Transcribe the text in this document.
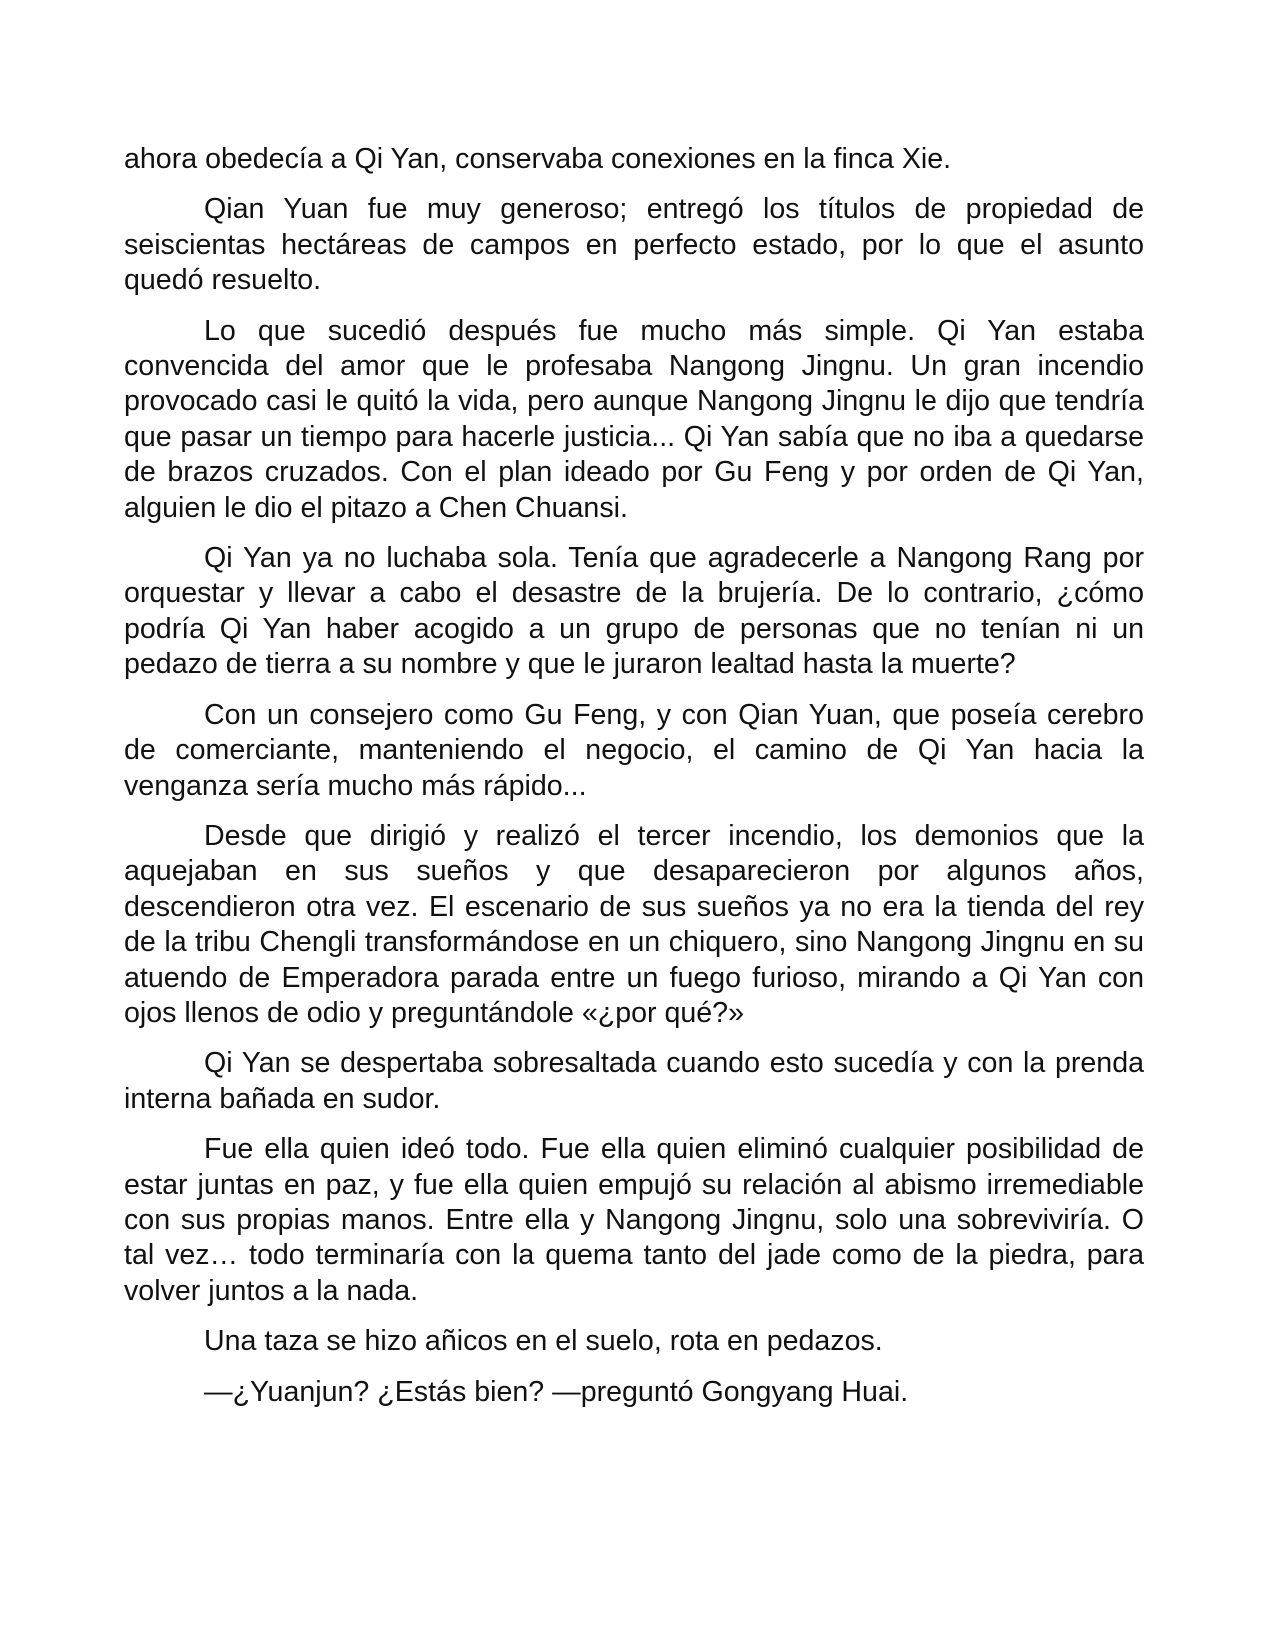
ahora obedecía a Qi Yan, conservaba conexiones en la finca Xie.

Qian Yuan fue muy generoso; entregó los títulos de propiedad de seiscientas hectáreas de campos en perfecto estado, por lo que el asunto quedó resuelto.

Lo que sucedió después fue mucho más simple. Qi Yan estaba convencida del amor que le profesaba Nangong Jingnu. Un gran incendio provocado casi le quitó la vida, pero aunque Nangong Jingnu le dijo que tendría que pasar un tiempo para hacerle justicia... Qi Yan sabía que no iba a quedarse de brazos cruzados. Con el plan ideado por Gu Feng y por orden de Qi Yan, alguien le dio el pitazo a Chen Chuansi.

Qi Yan ya no luchaba sola. Tenía que agradecerle a Nangong Rang por orquestar y llevar a cabo el desastre de la brujería. De lo contrario, ¿cómo podría Qi Yan haber acogido a un grupo de personas que no tenían ni un pedazo de tierra a su nombre y que le juraron lealtad hasta la muerte?

Con un consejero como Gu Feng, y con Qian Yuan, que poseía cerebro de comerciante, manteniendo el negocio, el camino de Qi Yan hacia la venganza sería mucho más rápido...

Desde que dirigió y realizó el tercer incendio, los demonios que la aquejaban en sus sueños y que desaparecieron por algunos años, descendieron otra vez. El escenario de sus sueños ya no era la tienda del rey de la tribu Chengli transformándose en un chiquero, sino Nangong Jingnu en su atuendo de Emperadora parada entre un fuego furioso, mirando a Qi Yan con ojos llenos de odio y preguntándole «¿por qué?»

Qi Yan se despertaba sobresaltada cuando esto sucedía y con la prenda interna bañada en sudor.

Fue ella quien ideó todo. Fue ella quien eliminó cualquier posibilidad de estar juntas en paz, y fue ella quien empujó su relación al abismo irremediable con sus propias manos. Entre ella y Nangong Jingnu, solo una sobreviviría. O tal vez… todo terminaría con la quema tanto del jade como de la piedra, para volver juntos a la nada.

Una taza se hizo añicos en el suelo, rota en pedazos.

—¿Yuanjun? ¿Estás bien? —preguntó Gongyang Huai.
